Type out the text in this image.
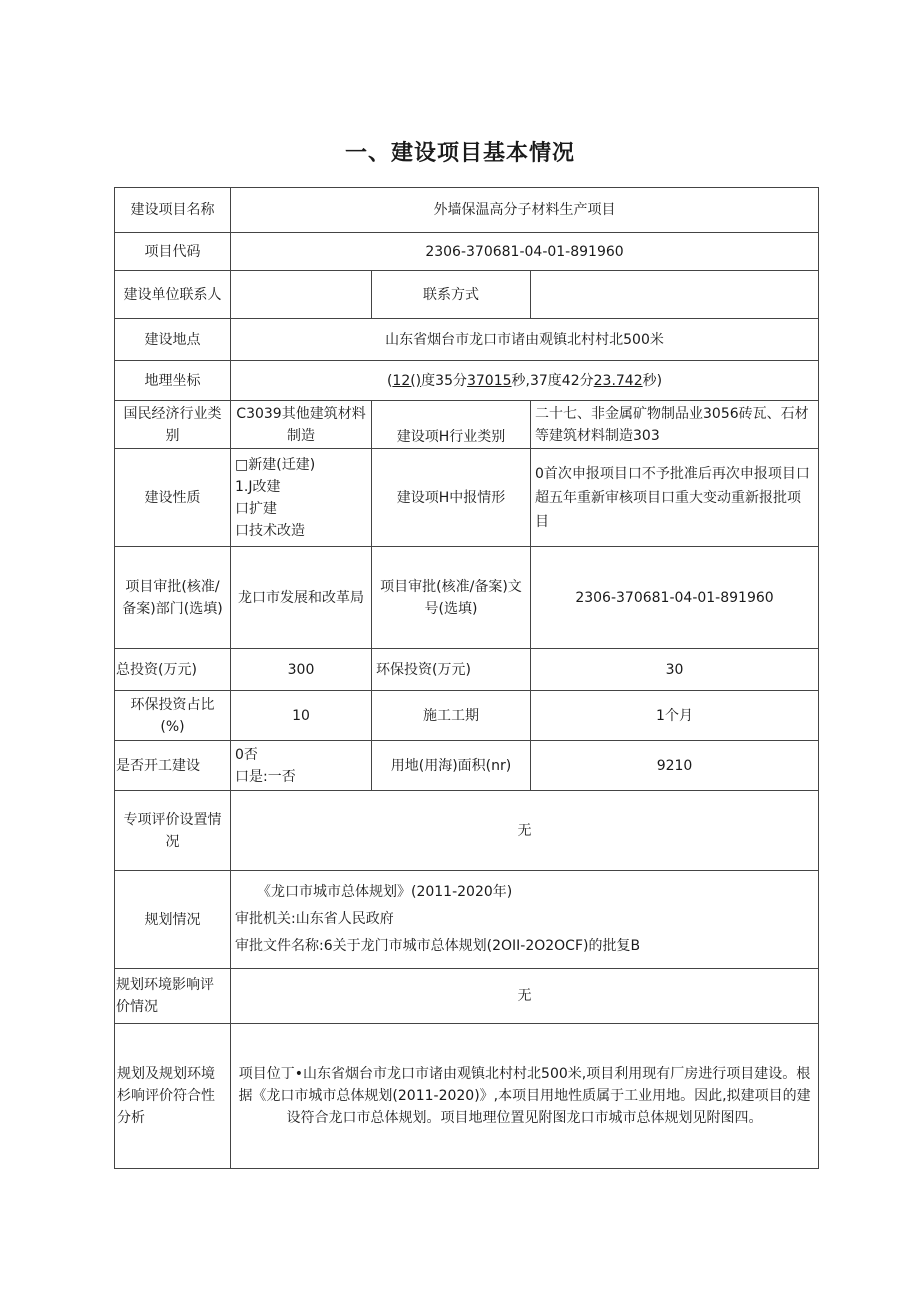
一、建设项目基本情况
建设项目名称	外墙保温高分子材料生产项目		
项目代码	2306-370681-04-01-891960		
建设单位联系人		联系方式	
建设地点	山东省烟台市龙口市诸由观镇北村村北500米		
地理坐标	(12()度35分37015秒,37度42分23.742秒)		
国民经济行业类别	C3039其他建筑材料制造	建设项H行业类别	二十七、非金属矿物制品业3056砖瓦、石材等建筑材料制造303
建设性质	□新建(迁建)
1.J改建
口扩建
口技术改造	建设项H中报情形	0首次申报项目口不予批准后再次申报项目口超五年重新审核项目口重大变动重新报批项目
项目审批(核准/备案)部门(选填)	龙口市发展和改革局	项目审批(核准/备案)文号(选填)	2306-370681-04-01-891960
总投资(万元)	300	环保投资(万元)	30
环保投资占比(%)	10	施工工期	1个月
是否开工建设	0否
口是:一否	用地(用海)面积(nr)	9210
专项评价设置情况	无		
规划情况	《龙口市城市总体规划》(2011-2020年)
审批机关:山东省人民政府
审批文件名称:6关于龙门市城市总体规划(2OII-2O2OCF)的批复B		

规划环境影响评价情况	无		
规划及规划环境杉响评价符合性分析	项目位丁•山东省烟台市龙口市诸由观镇北村村北500米,项目利用现有厂房进行项目建设。根据《龙口市城市总体规划(2011-2020)》,本项目用地性质属于工业用地。因此,拟建项目的建设符合龙口市总体规划。项目地理位置见附图龙口市城市总体规划见附图四。		
